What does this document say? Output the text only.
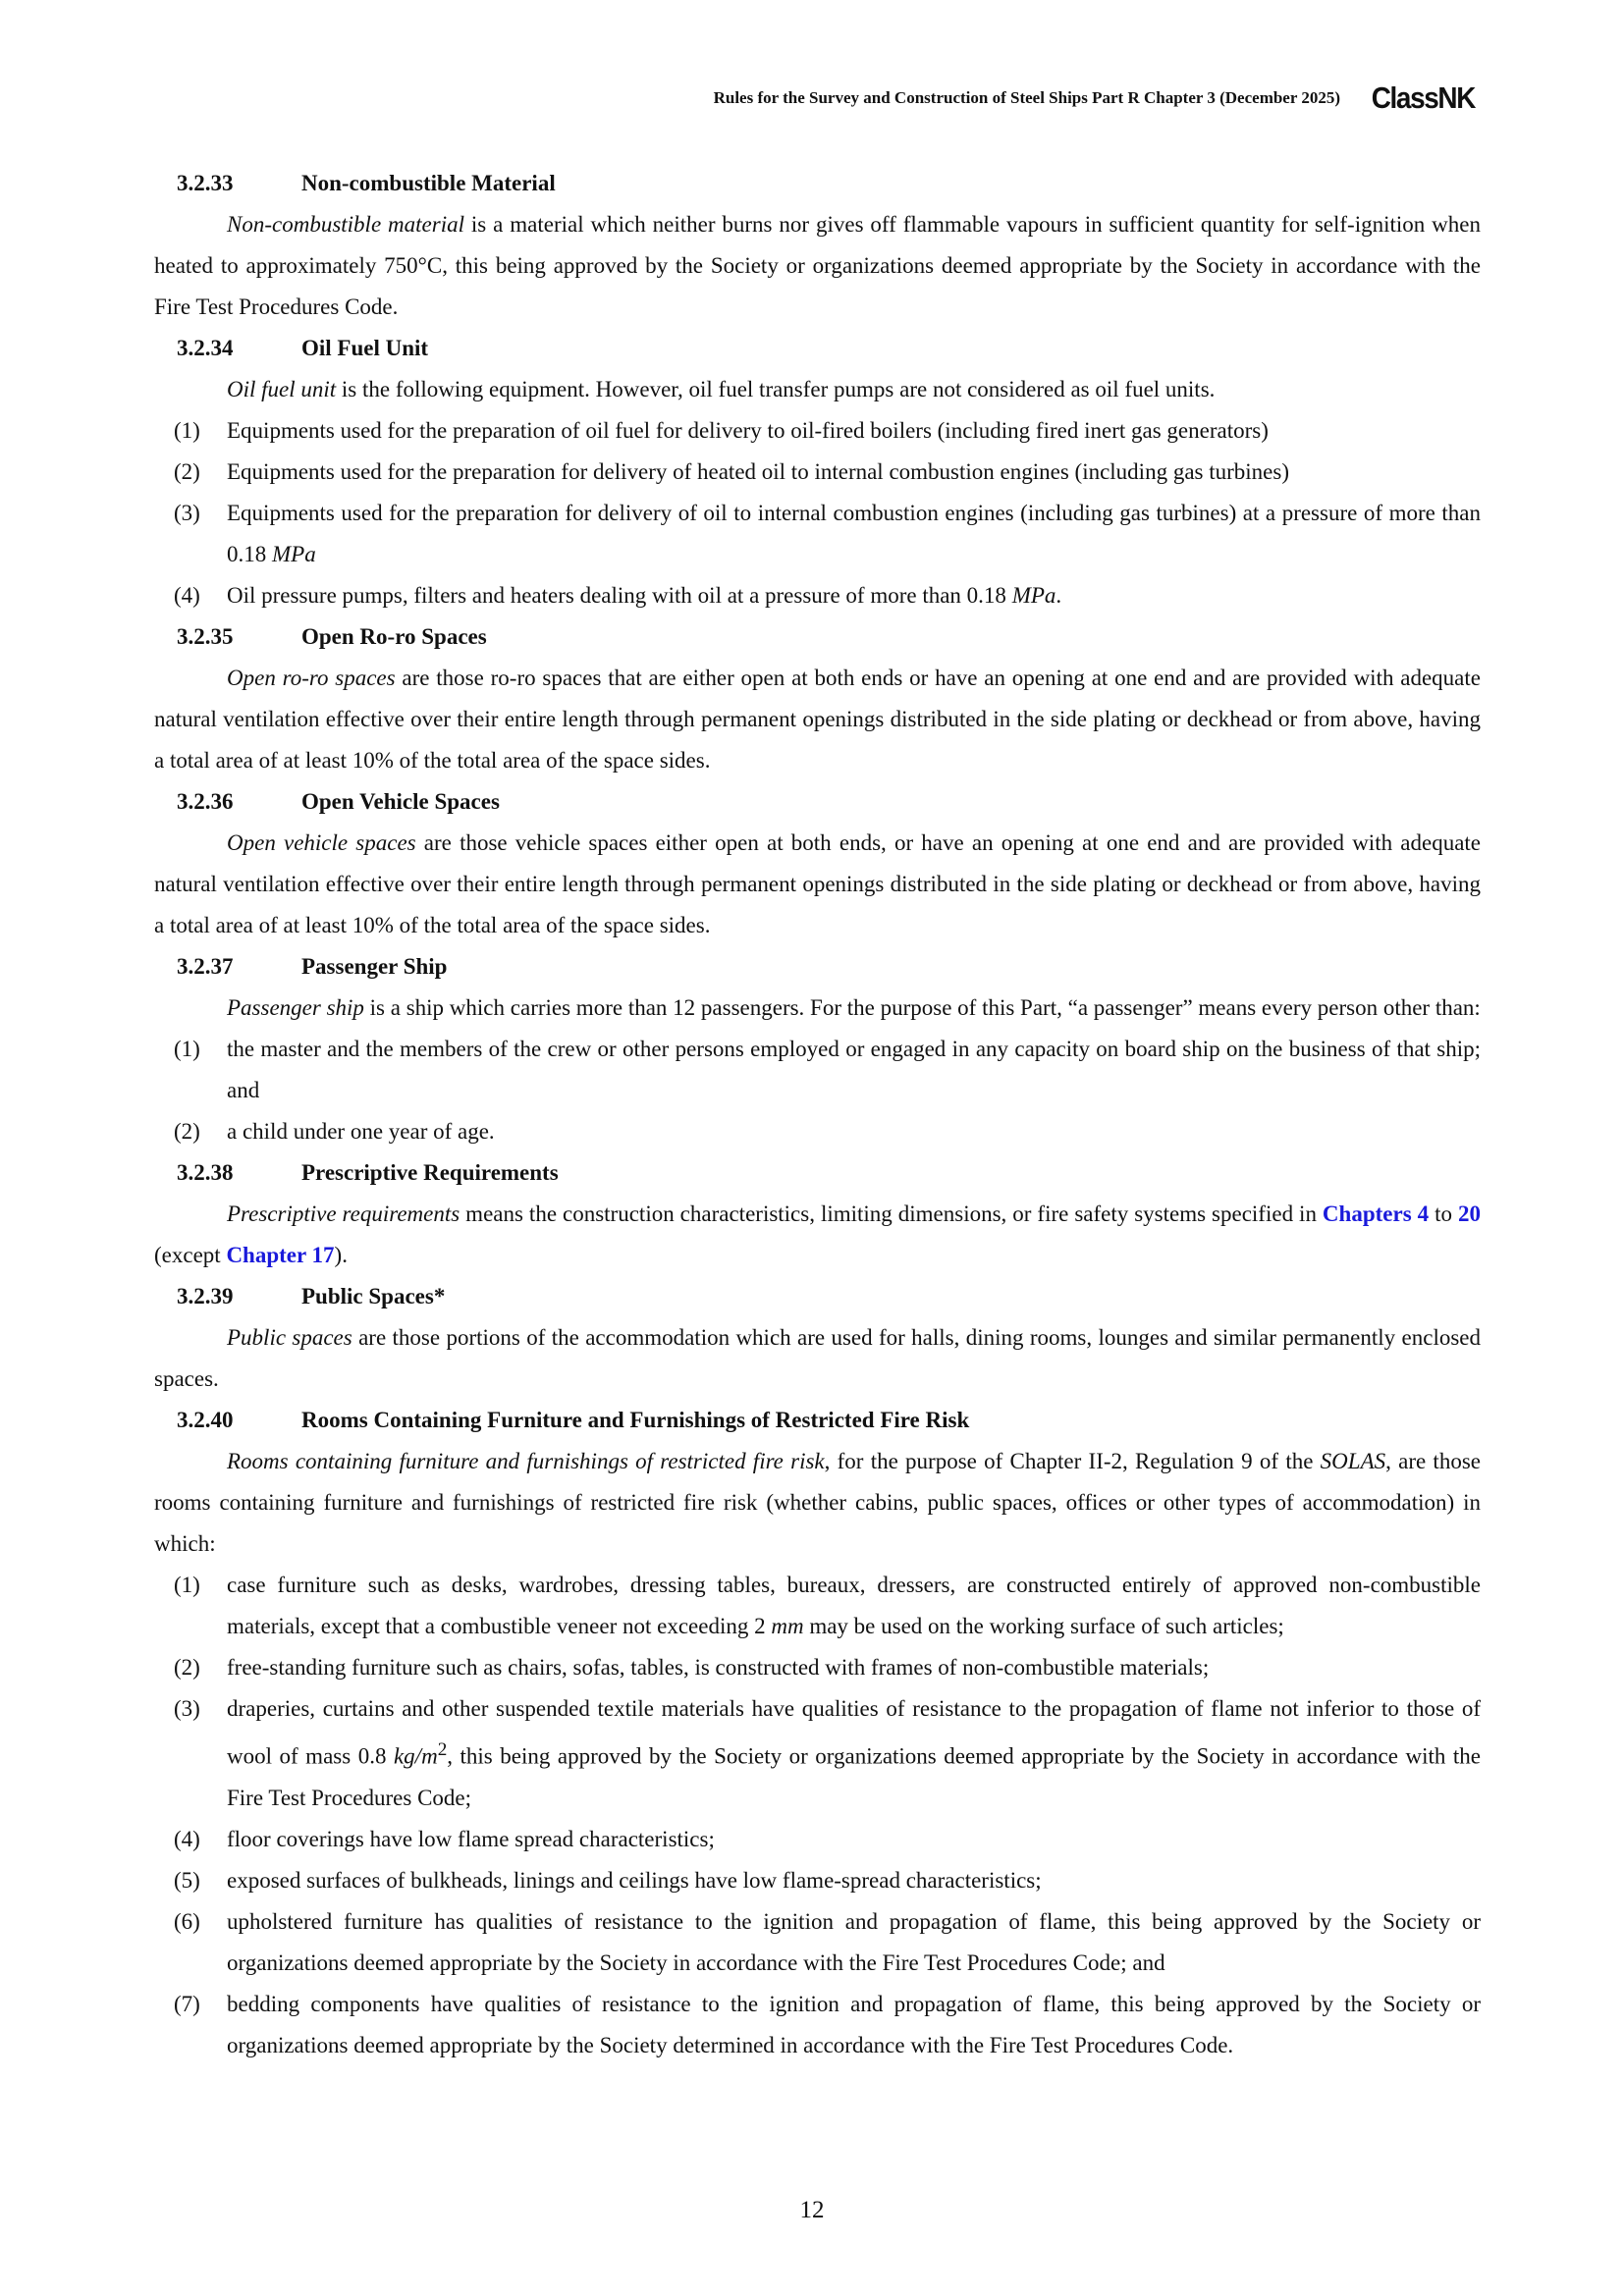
Rules for the Survey and Construction of Steel Ships Part R Chapter 3 (December 2025) ClassNK
3.2.33	Non-combustible Material

Non-combustible material is a material which neither burns nor gives off flammable vapours in sufficient quantity for self-ignition when heated to approximately 750°C, this being approved by the Society or organizations deemed appropriate by the Society in accordance with the Fire Test Procedures Code.

3.2.34	Oil Fuel Unit

Oil fuel unit is the following equipment. However, oil fuel transfer pumps are not considered as oil fuel units.

(1)	Equipments used for the preparation of oil fuel for delivery to oil-fired boilers (including fired inert gas generators)
(2)	Equipments used for the preparation for delivery of heated oil to internal combustion engines (including gas turbines)
(3)	Equipments used for the preparation for delivery of oil to internal combustion engines (including gas turbines) at a pressure of more than 0.18 MPa
(4)	Oil pressure pumps, filters and heaters dealing with oil at a pressure of more than 0.18 MPa.
3.2.35	Open Ro-ro Spaces

Open ro-ro spaces are those ro-ro spaces that are either open at both ends or have an opening at one end and are provided with adequate natural ventilation effective over their entire length through permanent openings distributed in the side plating or deckhead or from above, having a total area of at least 10% of the total area of the space sides.

3.2.36	Open Vehicle Spaces

Open vehicle spaces are those vehicle spaces either open at both ends, or have an opening at one end and are provided with adequate natural ventilation effective over their entire length through permanent openings distributed in the side plating or deckhead or from above, having a total area of at least 10% of the total area of the space sides.

3.2.37	Passenger Ship

Passenger ship is a ship which carries more than 12 passengers. For the purpose of this Part, “a passenger” means every person other than:

(1)	the master and the members of the crew or other persons employed or engaged in any capacity on board ship on the business of that ship; and
(2)	a child under one year of age.
3.2.38	Prescriptive Requirements

Prescriptive requirements means the construction characteristics, limiting dimensions, or fire safety systems specified in Chapters 4 to 20 (except Chapter 17).

3.2.39	Public Spaces*

Public spaces are those portions of the accommodation which are used for halls, dining rooms, lounges and similar permanently enclosed spaces.

3.2.40	Rooms Containing Furniture and Furnishings of Restricted Fire Risk

Rooms containing furniture and furnishings of restricted fire risk, for the purpose of Chapter II-2, Regulation 9 of the SOLAS, are those rooms containing furniture and furnishings of restricted fire risk (whether cabins, public spaces, offices or other types of accommodation) in which:

(1)	case furniture such as desks, wardrobes, dressing tables, bureaux, dressers, are constructed entirely of approved non-combustible materials, except that a combustible veneer not exceeding 2 mm may be used on the working surface of such articles;
(2)	free-standing furniture such as chairs, sofas, tables, is constructed with frames of non-combustible materials;
(3)	draperies, curtains and other suspended textile materials have qualities of resistance to the propagation of flame not inferior to those of wool of mass 0.8 $kg/m^2$, this being approved by the Society or organizations deemed appropriate by the Society in accordance with the Fire Test Procedures Code;
(4)	floor coverings have low flame spread characteristics;
(5)	exposed surfaces of bulkheads, linings and ceilings have low flame-spread characteristics;
(6)	upholstered furniture has qualities of resistance to the ignition and propagation of flame, this being approved by the Society or organizations deemed appropriate by the Society in accordance with the Fire Test Procedures Code; and
(7)	bedding components have qualities of resistance to the ignition and propagation of flame, this being approved by the Society or organizations deemed appropriate by the Society determined in accordance with the Fire Test Procedures Code.
12
